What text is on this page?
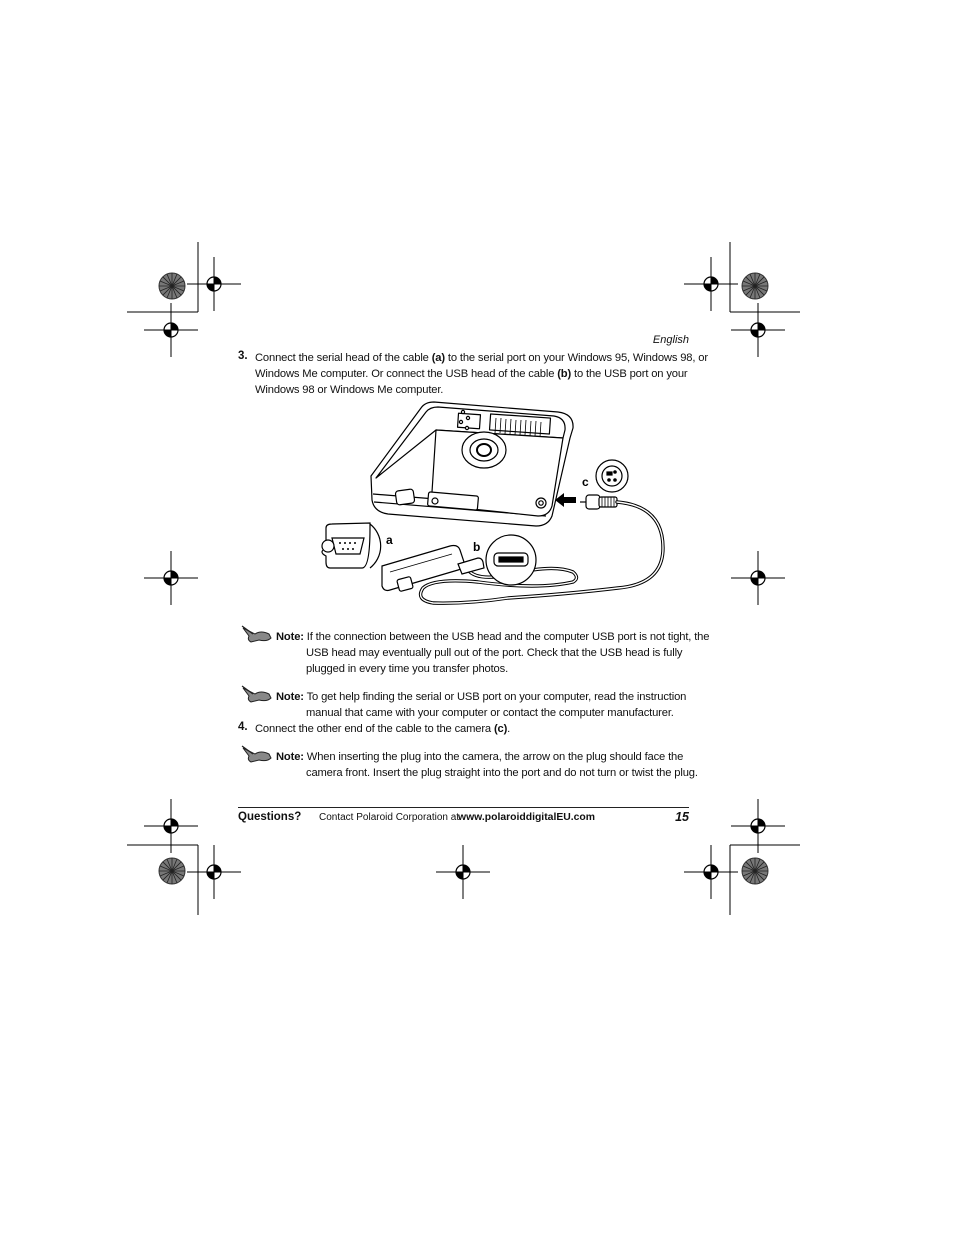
English
3. Connect the serial head of the cable (a) to the serial port on your Windows 95, Windows 98, or
Windows Me computer. Or connect the USB head of the cable (b) to the USB port on your
Windows 98 or Windows Me computer.
a	b
c
Note: If the connection between the USB head and the computer USB port is not tight, the
USB head may eventually pull out of the port. Check that the USB head is fully
plugged in every time you transfer photos.
Note: To get help finding the serial or USB port on your computer, read the instruction
manual that came with your computer or contact the computer manufacturer.
4. Connect the other end of the cable to the camera (c).
Note: When inserting the plug into the camera, the arrow on the plug should face the
camera front. Insert the plug straight into the port and do not turn or twist the plug.
Questions? Contact Polaroid Corporation at
www.polaroiddigitalEU.com	15
